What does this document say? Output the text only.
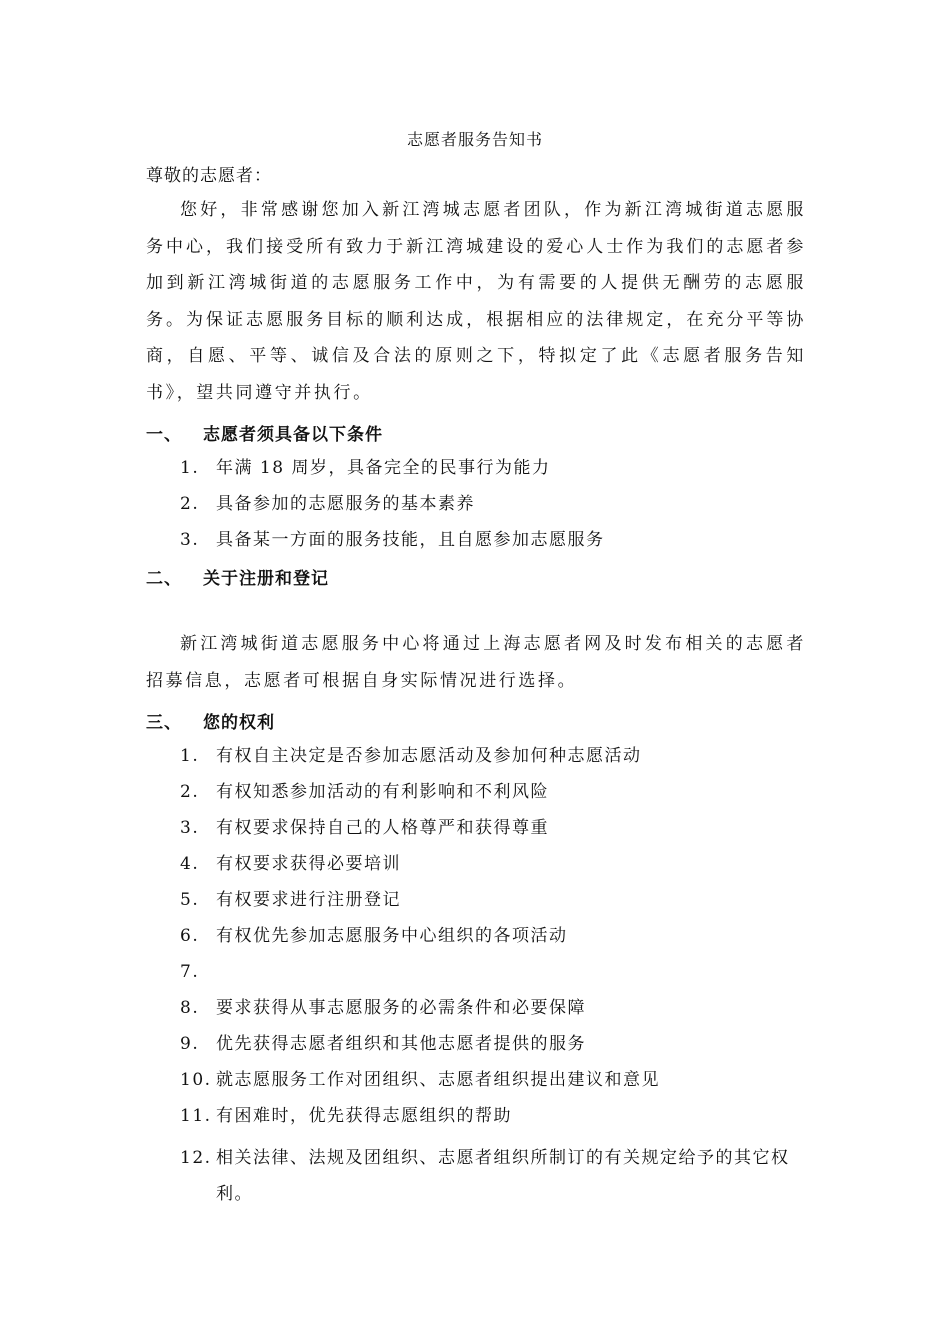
志愿者服务告知书
尊敬的志愿者：
您好，非常感谢您加入新江湾城志愿者团队，作为新江湾城街道志愿服务中心，我们接受所有致力于新江湾城建设的爱心人士作为我们的志愿者参加到新江湾城街道的志愿服务工作中，为有需要的人提供无酬劳的志愿服务。为保证志愿服务目标的顺利达成，根据相应的法律规定，在充分平等协商，自愿、平等、诚信及合法的原则之下，特拟定了此《志愿者服务告知书》，望共同遵守并执行。
一、 志愿者须具备以下条件
1. 年满 18 周岁，具备完全的民事行为能力
2. 具备参加的志愿服务的基本素养
3. 具备某一方面的服务技能，且自愿参加志愿服务
二、 关于注册和登记
新江湾城街道志愿服务中心将通过上海志愿者网及时发布相关的志愿者招募信息，志愿者可根据自身实际情况进行选择。
三、 您的权利
1. 有权自主决定是否参加志愿活动及参加何种志愿活动
2. 有权知悉参加活动的有利影响和不利风险
3. 有权要求保持自己的人格尊严和获得尊重
4. 有权要求获得必要培训
5. 有权要求进行注册登记
6. 有权优先参加志愿服务中心组织的各项活动
7.
8. 要求获得从事志愿服务的必需条件和必要保障
9. 优先获得志愿者组织和其他志愿者提供的服务
10. 就志愿服务工作对团组织、志愿者组织提出建议和意见
11. 有困难时，优先获得志愿组织的帮助
12. 相关法律、法规及团组织、志愿者组织所制订的有关规定给予的其它权利。
